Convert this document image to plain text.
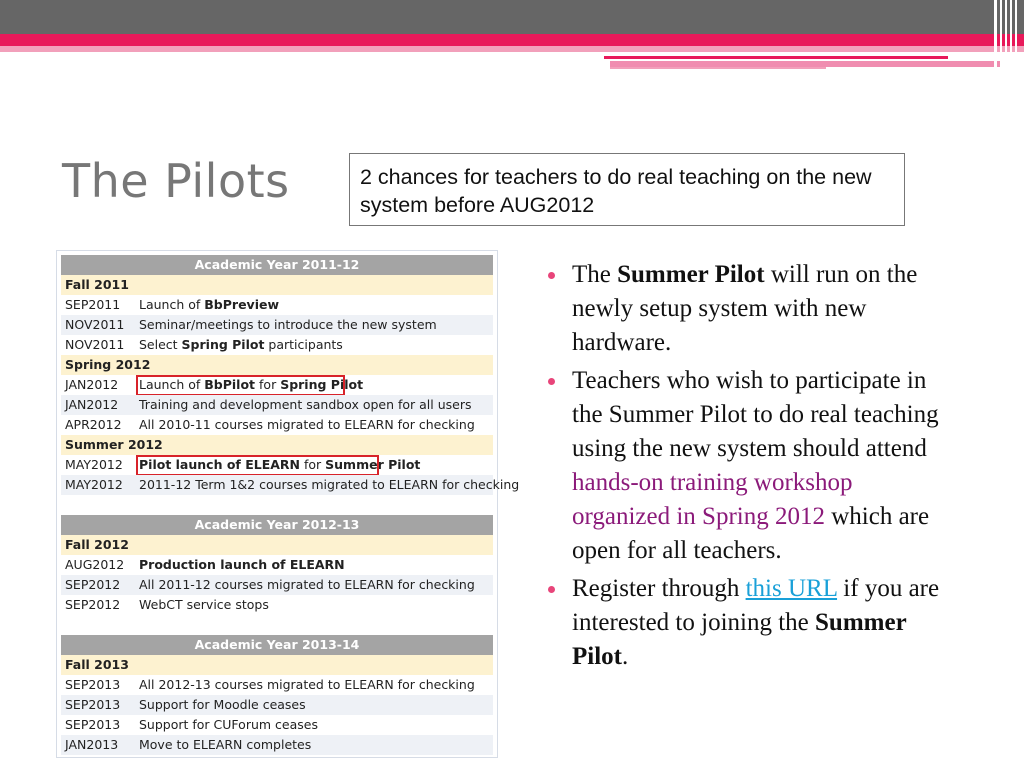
The Pilots	2 chances for teachers to do real teaching on the new system before AUG2012
Academic Year 2011-12
Fall 2011
SEP2011 Launch of BbPreview
NOV2011 Seminar/meetings to introduce the new system
NOV2011 Select Spring Pilot participants
Spring 2012
JAN2012 Launch of BbPilot for Spring Pilot
JAN2012 Training and development sandbox open for all users
APR2012 All 2010-11 courses migrated to ELEARN for checking
Summer 2012
MAY2012 Pilot launch of ELEARN for Summer Pilot
MAY2012 2011-12 Term 1&2 courses migrated to ELEARN for checking
Academic Year 2012-13
Fall 2012
AUG2012 Production launch of ELEARN
SEP2012 All 2011-12 courses migrated to ELEARN for checking
SEP2012 WebCT service stops
Academic Year 2013-14
Fall 2013
SEP2013 All 2012-13 courses migrated to ELEARN for checking
SEP2013 Support for Moodle ceases
SEP2013 Support for CUForum ceases
JAN2013 Move to ELEARN completes
The Summer Pilot will run on the newly setup system with new hardware.
Teachers who wish to participate in the Summer Pilot to do real teaching using the new system should attend hands-on training workshop organized in Spring 2012 which are open for all teachers.
Register through this URL if you are interested to joining the Summer Pilot.
